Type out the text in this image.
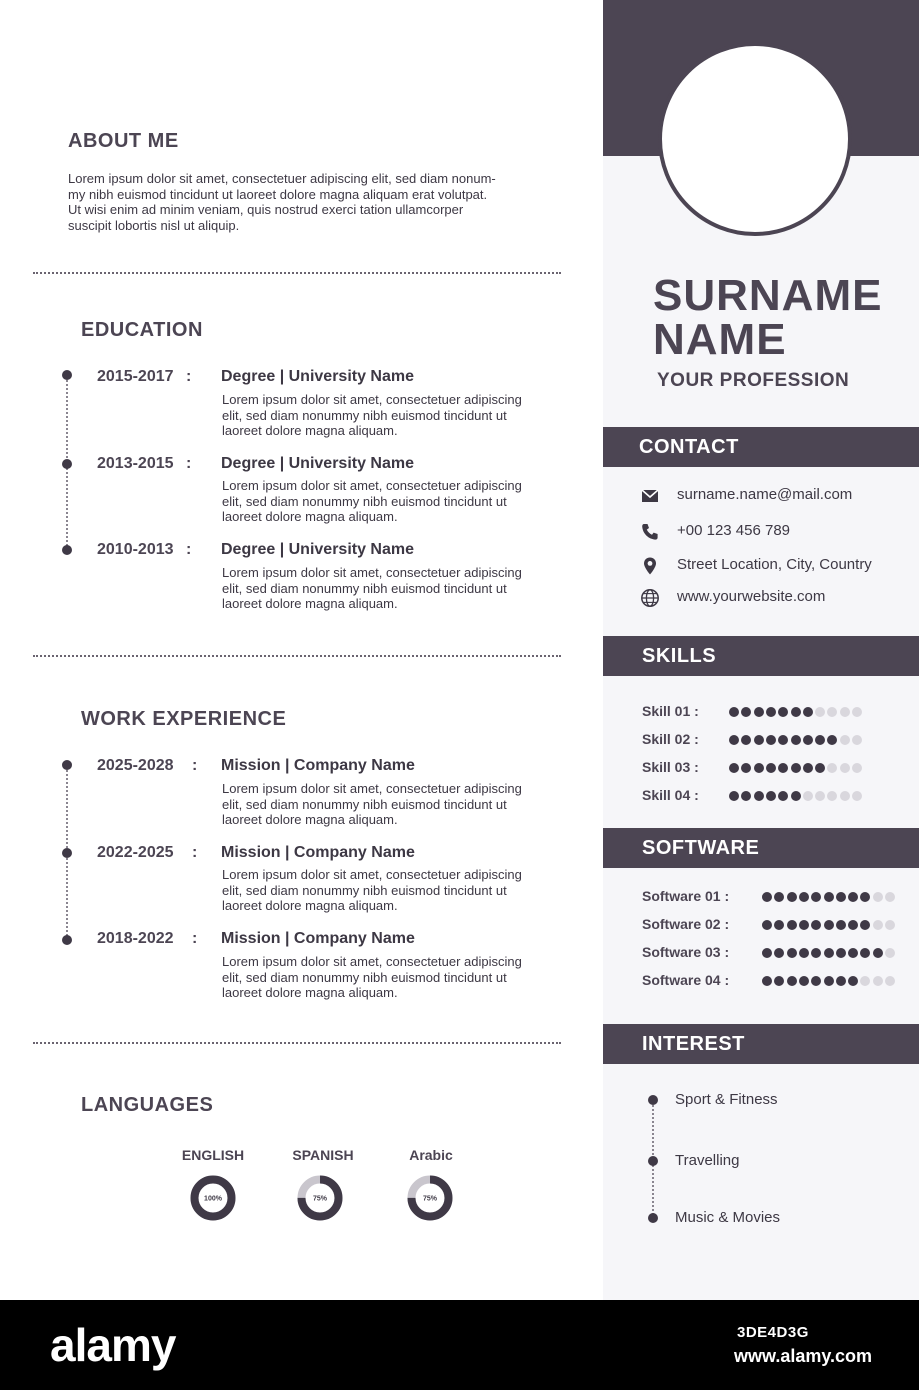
SURNAME
NAME
YOUR PROFESSION
CONTACT
surname.name@mail.com
+00 123 456 789
Street Location, City, Country
www.yourwebsite.com
SKILLS
Skill 01 :
Skill 02 :
Skill 03 :
Skill 04 :
SOFTWARE
Software 01 :
Software 02 :
Software 03 :
Software 04 :
INTEREST
Sport & Fitness
Travelling
Music & Movies
ABOUT ME
Lorem ipsum dolor sit amet, consectetuer adipiscing elit, sed diam nonum-
my nibh euismod tincidunt ut laoreet dolore magna aliquam erat volutpat.
Ut wisi enim ad minim veniam, quis nostrud exerci tation ullamcorper
suscipit lobortis nisl ut aliquip.
EDUCATION
2015-2017 : Degree | University Name
Lorem ipsum dolor sit amet, consectetuer adipiscing
elit, sed diam nonummy nibh euismod tincidunt ut
laoreet dolore magna aliquam.
2013-2015 : Degree | University Name
Lorem ipsum dolor sit amet, consectetuer adipiscing
elit, sed diam nonummy nibh euismod tincidunt ut
laoreet dolore magna aliquam.
2010-2013 : Degree | University Name
Lorem ipsum dolor sit amet, consectetuer adipiscing
elit, sed diam nonummy nibh euismod tincidunt ut
laoreet dolore magna aliquam.
WORK EXPERIENCE
2025-2028 : Mission | Company Name
Lorem ipsum dolor sit amet, consectetuer adipiscing
elit, sed diam nonummy nibh euismod tincidunt ut
laoreet dolore magna aliquam.
2022-2025 : Mission | Company Name
Lorem ipsum dolor sit amet, consectetuer adipiscing
elit, sed diam nonummy nibh euismod tincidunt ut
laoreet dolore magna aliquam.
2018-2022 : Mission | Company Name
Lorem ipsum dolor sit amet, consectetuer adipiscing
elit, sed diam nonummy nibh euismod tincidunt ut
laoreet dolore magna aliquam.
LANGUAGES
ENGLISH	SPANISH	Arabic
100%	75%	75%
alamy	3DE4D3G
www.alamy.com
